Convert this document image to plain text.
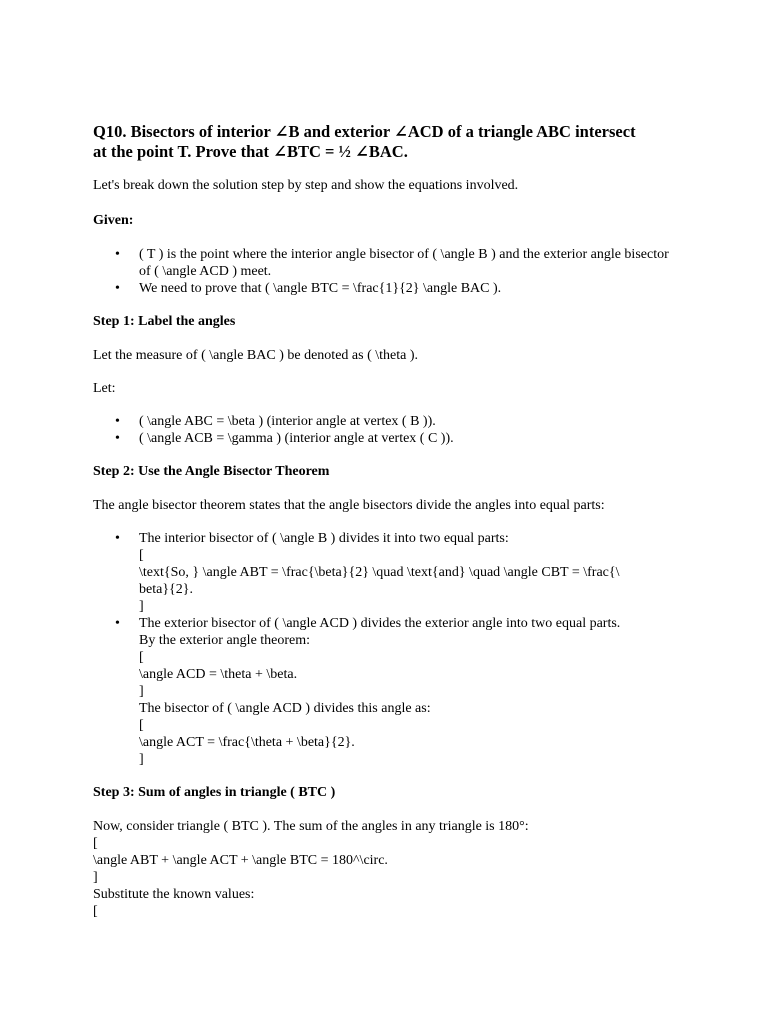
Q10. Bisectors of interior ∠B and exterior ∠ACD of a triangle ABC intersect
at the point T. Prove that ∠BTC = ½ ∠BAC.

Let's break down the solution step by step and show the equations involved.

Given:

• ( T ) is the point where the interior angle bisector of ( \angle B ) and the exterior angle bisector of ( \angle ACD ) meet.
• We need to prove that ( \angle BTC = \frac{1}{2} \angle BAC ).

Step 1: Label the angles

Let the measure of ( \angle BAC ) be denoted as ( \theta ).

Let:

• ( \angle ABC = \beta ) (interior angle at vertex ( B )).
• ( \angle ACB = \gamma ) (interior angle at vertex ( C )).

Step 2: Use the Angle Bisector Theorem

The angle bisector theorem states that the angle bisectors divide the angles into equal parts:

• The interior bisector of ( \angle B ) divides it into two equal parts:
[
\text{So, } \angle ABT = \frac{\beta}{2} \quad \text{and} \quad \angle CBT = \frac{\
beta}{2}.
]
• The exterior bisector of ( \angle ACD ) divides the exterior angle into two equal parts.
By the exterior angle theorem:
[
\angle ACD = \theta + \beta.
]
The bisector of ( \angle ACD ) divides this angle as:
[
\angle ACT = \frac{\theta + \beta}{2}.
]

Step 3: Sum of angles in triangle ( BTC )

Now, consider triangle ( BTC ). The sum of the angles in any triangle is 180°:
[
\angle ABT + \angle ACT + \angle BTC = 180^\circ.
]
Substitute the known values:
[
